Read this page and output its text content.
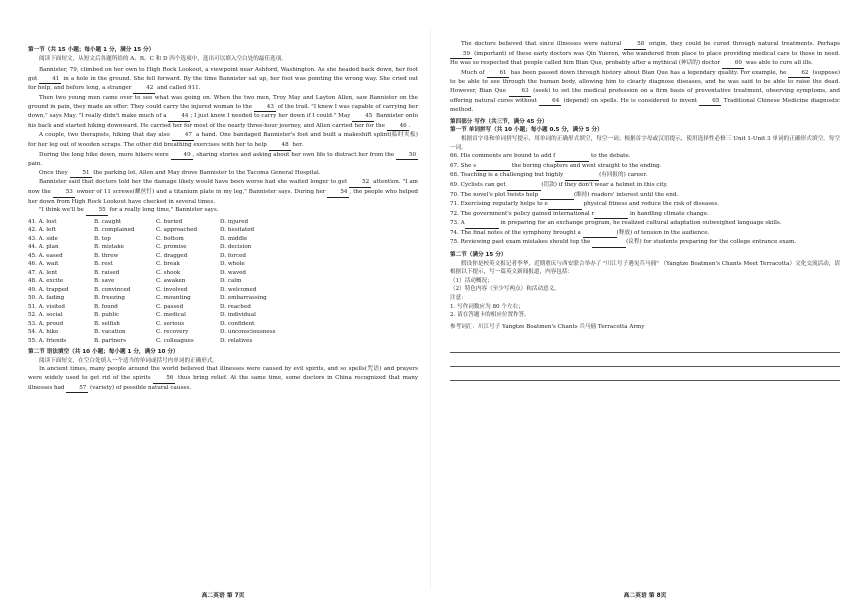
第一节（共 15 小题；每小题 1 分，满分 15 分）

阅读下面短文，从短文后各题所给的 A、B、C 和 D 四个选项中，选出可以填入空白处的最佳选项。

Bannister, 79, climbed on her own to High Rock Lookout, a viewpoint near Ashford, Washington. As she headed back down, her foot got 41 in a hole in the ground. She fell forward. By the time Bannister sat up, her foot was pointing the wrong way. She cried out for help, and before long, a stranger 42 and called 911.

Then two young men came over to see what was going on. When the two men, Troy May and Layton Allen, saw Bannister on the ground in pain, they made an offer: They could carry the injured woman to the 43 of the trail. "I knew I was capable of carrying her down," says May. "I really didn't make much of a 44 ; I just knew I needed to carry her down if I could." May 45 Bannister onto his back and started hiking downward. He carried her for most of the nearly three-hour journey, and Allen carried her for the 46 .

A couple, two therapists, hiking that day also 47 a hand. One bandaged Bannister's foot and built a makeshift splint(临时夹板) for her leg out of wooden scraps. The other did breathing exercises with her to help 48 her.

During the long hike down, more hikers were 49 , sharing stories and asking about her own life to distract her from the 50 pain.

Once they 51 the parking lot, Allen and May drove Bannister to the Tacoma General Hospital.

Bannister said that doctors told her the damage likely would have been worse had she waited longer to get 52 attention. "I am now the 53 owner of 11 screws(螺丝钉) and a titanium plate in my leg," Bannister says. During her 54 , the people who helped her down from High Rock Lookout have checked in several times.

"I think we'll be 55 for a really long time," Bannister says.

41. A. lost	B. caught	C. buried	D. injured
42. A. left	B. complained	C. approached	D. hesitated
43. A. side	B. top	C. bottom	D. middle
44. A. plan	B. mistake	C. promise	D. decision
45. A. eased	B. threw	C. dragged	D. forced
46. A. wait	B. rest	C. break	D. whole
47. A. lent	B. raised	C. shook	D. waved
48. A. excite	B. save	C. awaken	D. calm
49. A. trapped	B. convinced	C. involved	D. welcomed
50. A. fading	B. freezing	C. mounting	D. embarrassing
51. A. visited	B. found	C. passed	D. reached
52. A. social	B. public	C. medical	D. individual
53. A. proud	B. selfish	C. serious	D. confident
54. A. hike	B. vacation	C. recovery	D. unconsciousness
55. A. friends	B. partners	C. colleagues	D. relatives

第二节 语法填空（共 10 小题；每小题 1 分，满分 10 分）

阅读下面短文，在空白处填入一个适当的单词或括号内单词的正确形式。

In ancient times, many people around the world believed that illnesses were caused by evil spirits, and so spells(咒语) and prayers were widely used to get rid of the spirits 56 thus bring relief. At the same time, some doctors in China recognized that many illnesses had 57 (variety) of possible natural causes.

The doctors believed that since illnesses were natural 58 origin, they could be cured through natural treatments. Perhaps 59 (important) of these early doctors was Qin Yueren, who wandered from place to place providing medical care to those in need. He was so respected that people called him Bian Que, probably after a mythical (神话的) doctor 60 was able to cure all ills.

Much of 61 has been passed down through history about Bian Que has a legendary quality. For example, he 62 (suppose) to be able to see through the human body, allowing him to clearly diagnose diseases, and he was said to be able to raise the dead. However, Bian Que 63 (seek) to set the medical profession on a firm basis of preventative treatment, observing symptoms, and offering natural cures without 64 (depend) on spells. He is considered to invent 65 Traditional Chinese Medicine diagnostic method.

第四部分 写作（共三节，满分 45 分）

第一节 单词拼写（共 10 小题；每小题 0.5 分，满分 5 分）

根据首字母和单词拼写提示，用单词的正确形式填空，每空一词；根据首字母或汉语提示，使用选择性必修三 Unit 1-Unit 3 单词的正确形式填空，每空一词。

66. His comments are bound to add f	to the debate.

67. She s	the boring chapters and went straight to the ending.

68. Teaching is a challenging but highly	(有回报的) career.

69. Cyclists can get	(罚款) if they don't wear a helmet in this city.

70. The novel's plot twists help	(维持) readers' interest until the end.

71. Exercising regularly helps to e	physical fitness and reduce the risk of diseases.

72. The government's policy gained international r	in handling climate change.

73. A	in preparing for an exchange program, he realized cultural adaptation outweighed language skills.

74. The final notes of the symphony brought a	(释放) of tension in the audience.

75. Reviewing past exam mistakes should top the	(议程) for students preparing for the college entrance exam.

第二节（满分 15 分）

假设你是校英文报记者李华，近期重庆与西安联合举办了 "川江号子遇见兵马俑" （Yangtze Boatmen's Chants Meet Terracotta）文化交流活动，请根据以下提示，写一篇英文新闻报道，内容包括：

（1）活动概况；

（2）特色内容（至少写两点）和活动意义。

注意：

1. 写作词数应为 80 个左右；

2. 请在答题卡的相应位置作答。

参考词汇：川江号子 Yangtze Boatmen's Chants 兵马俑 Terracotta Army

高二英语 第 7页	高二英语 第 8页
